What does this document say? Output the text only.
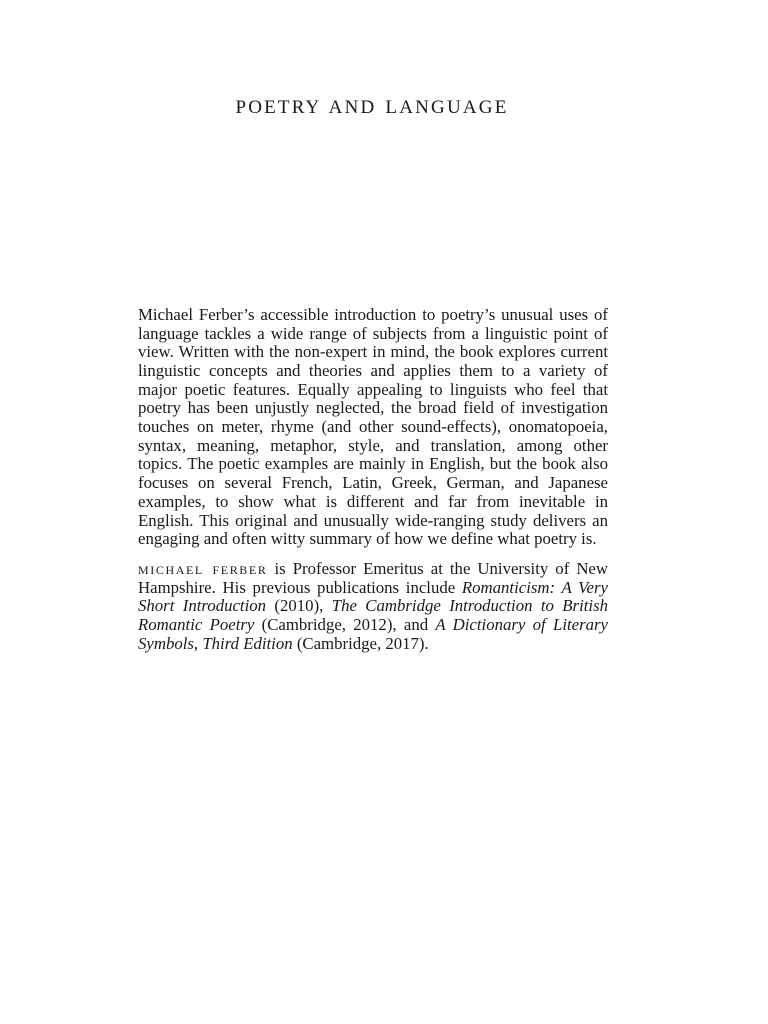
POETRY AND LANGUAGE

Michael Ferber’s accessible introduction to poetry’s unusual uses of language tackles a wide range of subjects from a linguistic point of view. Written with the non-expert in mind, the book explores current linguistic concepts and theories and applies them to a variety of major poetic features. Equally appealing to linguists who feel that poetry has been unjustly neglected, the broad field of investigation touches on meter, rhyme (and other sound-effects), onomatopoeia, syntax, meaning, metaphor, style, and translation, among other topics. The poetic examples are mainly in English, but the book also focuses on several French, Latin, Greek, German, and Japanese examples, to show what is different and far from inevitable in English. This original and unusually wide-ranging study delivers an engaging and often witty summary of how we define what poetry is.

michael ferber is Professor Emeritus at the University of New Hampshire. His previous publications include Romanticism: A Very Short Introduction (2010), The Cambridge Introduction to British Romantic Poetry (Cambridge, 2012), and A Dictionary of Literary Symbols, Third Edition (Cambridge, 2017).
